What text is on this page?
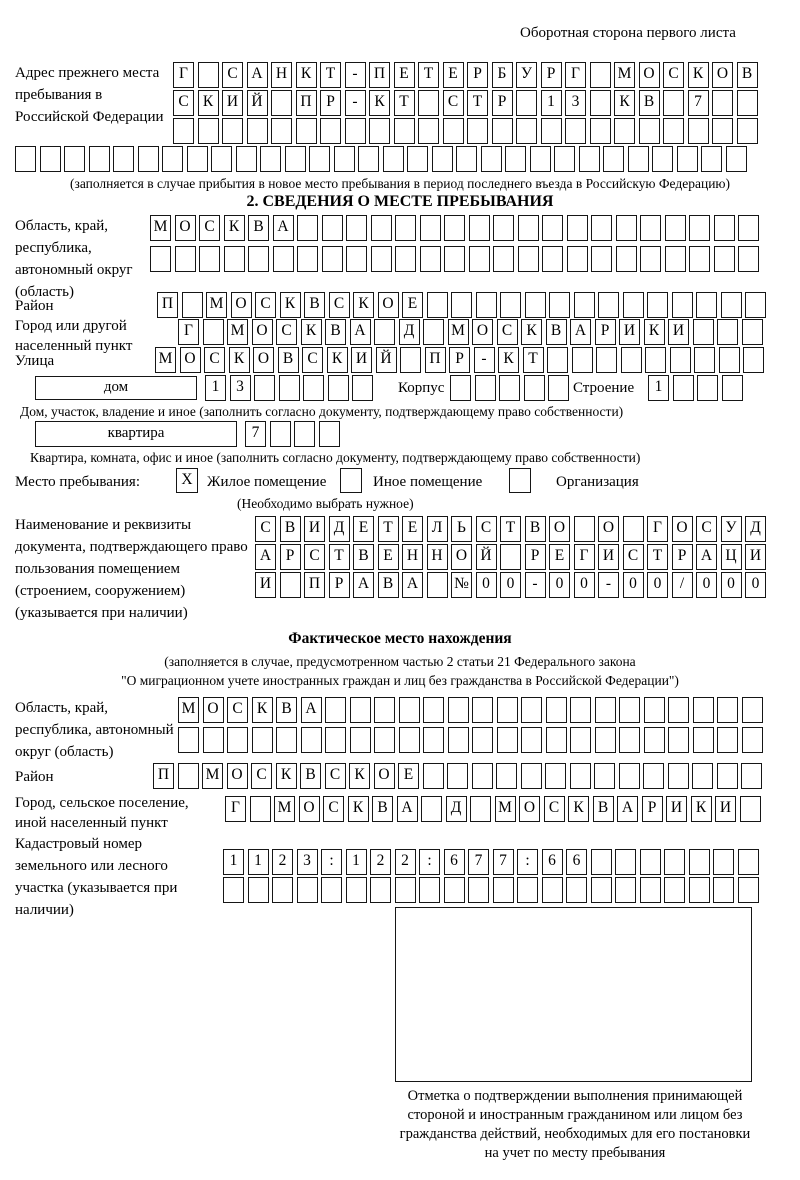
Оборотная сторона первого листа
Адрес прежнего места пребывания в Российской Федерации
Г	С А Н К Т	-	П Е Т Е Р	Б У Р	Г	М О С К О В
С К И Й	П Р	-	К Т	С Т Р	1	3	К В	7
(заполняется в случае прибытия в новое место пребывания в период последнего въезда в Российскую Федерацию)
2. СВЕДЕНИЯ О МЕСТЕ ПРЕБЫВАНИЯ
Область, край, республика, автономный округ (область)
М О С К В А
Район	П	М О С К В С К О Е
Город или другой населенный пункт
Г	М О С К В А	Д	М О С К В А Р И К И
Улица	М О С К О В С К И Й	П Р	-	К Т
дом	1	3	Корпус	Строение	1
Дом, участок, владение и иное (заполнить согласно документу, подтверждающему право собственности)
квартира	7
Квартира, комната, офис и иное (заполнить согласно документу, подтверждающему право собственности)
Место пребывания:	X Жилое помещение	Иное помещение	Организация
(Необходимо выбрать нужное)
Наименование и реквизиты документа, подтверждающего право пользования помещением (строением, сооружением) (указывается при наличии)
С В И Д Е Т Е Л Ь С Т В О	О	Г О С У Д
А Р С Т В Е Н Н О Й	Р Е Г И С Т Р А Ц И
И	П Р А В А	№ 0	0	-	0	0	-	0	0	/	0	0	0
Фактическое место нахождения
(заполняется в случае, предусмотренном частью 2 статьи 21 Федерального закона
"О миграционном учете иностранных граждан и лиц без гражданства в Российской Федерации")
Область, край, республика, автономный округ (область)
М О С К В А
Район	П	М О С К В С К О Е
Город, сельское поселение, иной населенный пункт
Г	М О С К В А	Д	М О С К В А Р И К И
Кадастровый номер земельного или лесного участка (указывается при наличии)
1	1	2	3	:	1	2	2	:	6	7	7	:	6	6
Отметка о подтверждении выполнения принимающей
стороной и иностранным гражданином или лицом без
гражданства действий, необходимых для его постановки
на учет по месту пребывания
